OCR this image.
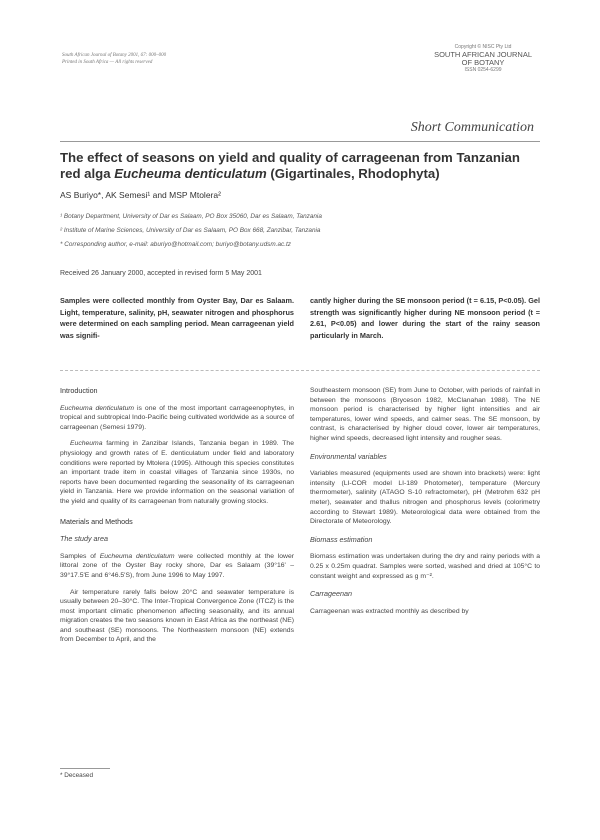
South African Journal of Botany 2001, 67: 000–000
Printed in South Africa — All rights reserved
Copyright © NISC Pty Ltd
SOUTH AFRICAN JOURNAL
OF BOTANY
ISSN 0254-6299
Short Communication
The effect of seasons on yield and quality of carrageenan from Tanzanian red alga Eucheuma denticulatum (Gigartinales, Rhodophyta)
AS Buriyo*, AK Semesi¹ and MSP Mtolera²
¹ Botany Department, University of Dar es Salaam, PO Box 35060, Dar es Salaam, Tanzania
² Institute of Marine Sciences, University of Dar es Salaam, PO Box 668, Zanzibar, Tanzania
* Corresponding author, e-mail: aburiyo@hotmail.com; buriyo@botany.udsm.ac.tz
Received 26 January 2000, accepted in revised form 5 May 2001
Samples were collected monthly from Oyster Bay, Dar es Salaam. Light, temperature, salinity, pH, seawater nitrogen and phosphorus were determined on each sampling period. Mean carrageenan yield was signifi-
cantly higher during the SE monsoon period (t = 6.15, P<0.05). Gel strength was significantly higher during NE monsoon period (t = 2.61, P<0.05) and lower during the start of the rainy season particularly in March.
Introduction

Eucheuma denticulatum is one of the most important carrageenophytes, in tropical and subtropical Indo-Pacific being cultivated worldwide as a source of carrageenan (Semesi 1979).

Eucheuma farming in Zanzibar Islands, Tanzania began in 1989. The physiology and growth rates of E. denticulatum under field and laboratory conditions were reported by Mtolera (1995). Although this species constitutes an important trade item in coastal villages of Tanzania since 1930s, no reports have been documented regarding the seasonality of its carrageenan yield in Tanzania. Here we provide information on the seasonal variation of the yield and quality of its carrageenan from naturally growing stocks.

Materials and Methods
The study area

Samples of Eucheuma denticulatum were collected monthly at the lower littoral zone of the Oyster Bay rocky shore, Dar es Salaam (39°16' – 39°17.5'E and 6°46.5'S), from June 1996 to May 1997.

Air temperature rarely falls below 20°C and seawater temperature is usually between 20–30°C. The Inter-Tropical Convergence Zone (ITCZ) is the most important climatic phenomenon affecting seasonality, and its annual migration creates the two seasons known in East Africa as the northeast (NE) and southeast (SE) monsoons. The Northeastern monsoon (NE) extends from December to April, and the

Southeastern monsoon (SE) from June to October, with periods of rainfall in between the monsoons (Bryceson 1982, McClanahan 1988). The NE monsoon period is characterised by higher light intensities and air temperatures, lower wind speeds, and calmer seas. The SE monsoon, by contrast, is characterised by higher cloud cover, lower air temperatures, higher wind speeds, decreased light intensity and rougher seas.

Environmental variables

Variables measured (equipments used are shown into brackets) were: light intensity (LI-COR model LI-189 Photometer), temperature (Mercury thermometer), salinity (ATAGO S-10 refractometer), pH (Metrohm 632 pH meter), seawater and thallus nitrogen and phosphorus levels (colorimetry according to Stewart 1989). Meteorological data were obtained from the Directorate of Meteorology.

Biomass estimation

Biomass estimation was undertaken during the dry and rainy periods with a 0.25 x 0.25m quadrat. Samples were sorted, washed and dried at 105°C to constant weight and expressed as g m⁻².

Carrageenan

Carrageenan was extracted monthly as described by

* Deceased
